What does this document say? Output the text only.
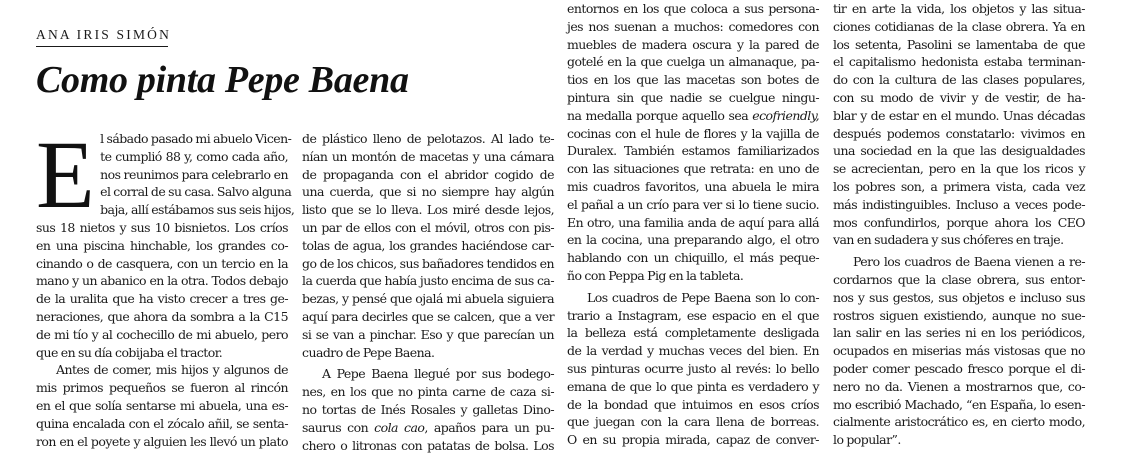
ANA IRIS SIMÓN
Como pinta Pepe Baena
E l sábado pasado mi abuelo Vicen-
te cumplió 88 y, como cada año,
nos reunimos para celebrarlo en
el corral de su casa. Salvo alguna
baja, allí estábamos sus seis hijos,
sus 18 nietos y sus 10 bisnietos. Los críos
en una piscina hinchable, los grandes co-
cinando o de casquera, con un tercio en la
mano y un abanico en la otra. Todos debajo
de la uralita que ha visto crecer a tres ge-
neraciones, que ahora da sombra a la C15
de mi tío y al cochecillo de mi abuelo, pero
que en su día cobijaba el tractor.
Antes de comer, mis hijos y algunos de
mis primos pequeños se fueron al rincón
en el que solía sentarse mi abuela, una es-
quina encalada con el zócalo añil, se senta-
ron en el poyete y alguien les llevó un plato
de plástico lleno de pelotazos. Al lado te-
nían un montón de macetas y una cámara
de propaganda con el abridor cogido de
una cuerda, que si no siempre hay algún
listo que se lo lleva. Los miré desde lejos,
un par de ellos con el móvil, otros con pis-
tolas de agua, los grandes haciéndose car-
go de los chicos, sus bañadores tendidos en
la cuerda que había justo encima de sus ca-
bezas, y pensé que ojalá mi abuela siguiera
aquí para decirles que se calcen, que a ver
si se van a pinchar. Eso y que parecían un
cuadro de Pepe Baena.
A Pepe Baena llegué por sus bodego-
nes, en los que no pinta carne de caza si-
no tortas de Inés Rosales y galletas Dino-
saurus con cola cao, apaños para un pu-
chero o litronas con patatas de bolsa. Los
entornos en los que coloca a sus persona-
jes nos suenan a muchos: comedores con
muebles de madera oscura y la pared de
gotelé en la que cuelga un almanaque, pa-
tios en los que las macetas son botes de
pintura sin que nadie se cuelgue ningu-
na medalla porque aquello sea ecofriendly,
cocinas con el hule de flores y la vajilla de
Duralex. También estamos familiarizados
con las situaciones que retrata: en uno de
mis cuadros favoritos, una abuela le mira
el pañal a un crío para ver si lo tiene sucio.
En otro, una familia anda de aquí para allá
en la cocina, una preparando algo, el otro
hablando con un chiquillo, el más peque-
ño con Peppa Pig en la tableta.
Los cuadros de Pepe Baena son lo con-
trario a Instagram, ese espacio en el que
la belleza está completamente desligada
de la verdad y muchas veces del bien. En
sus pinturas ocurre justo al revés: lo bello
emana de que lo que pinta es verdadero y
de la bondad que intuimos en esos críos
que juegan con la cara llena de borreas.
O en su propia mirada, capaz de conver-
tir en arte la vida, los objetos y las situa-
ciones cotidianas de la clase obrera. Ya en
los setenta, Pasolini se lamentaba de que
el capitalismo hedonista estaba terminan-
do con la cultura de las clases populares,
con su modo de vivir y de vestir, de ha-
blar y de estar en el mundo. Unas décadas
después podemos constatarlo: vivimos en
una sociedad en la que las desigualdades
se acrecientan, pero en la que los ricos y
los pobres son, a primera vista, cada vez
más indistinguibles. Incluso a veces pode-
mos confundirlos, porque ahora los CEO
van en sudadera y sus chóferes en traje.
Pero los cuadros de Baena vienen a re-
cordarnos que la clase obrera, sus entor-
nos y sus gestos, sus objetos e incluso sus
rostros siguen existiendo, aunque no sue-
lan salir en las series ni en los periódicos,
ocupados en miserias más vistosas que no
poder comer pescado fresco porque el di-
nero no da. Vienen a mostrarnos que, co-
mo escribió Machado, “en España, lo esen-
cialmente aristocrático es, en cierto modo,
lo popular”.
